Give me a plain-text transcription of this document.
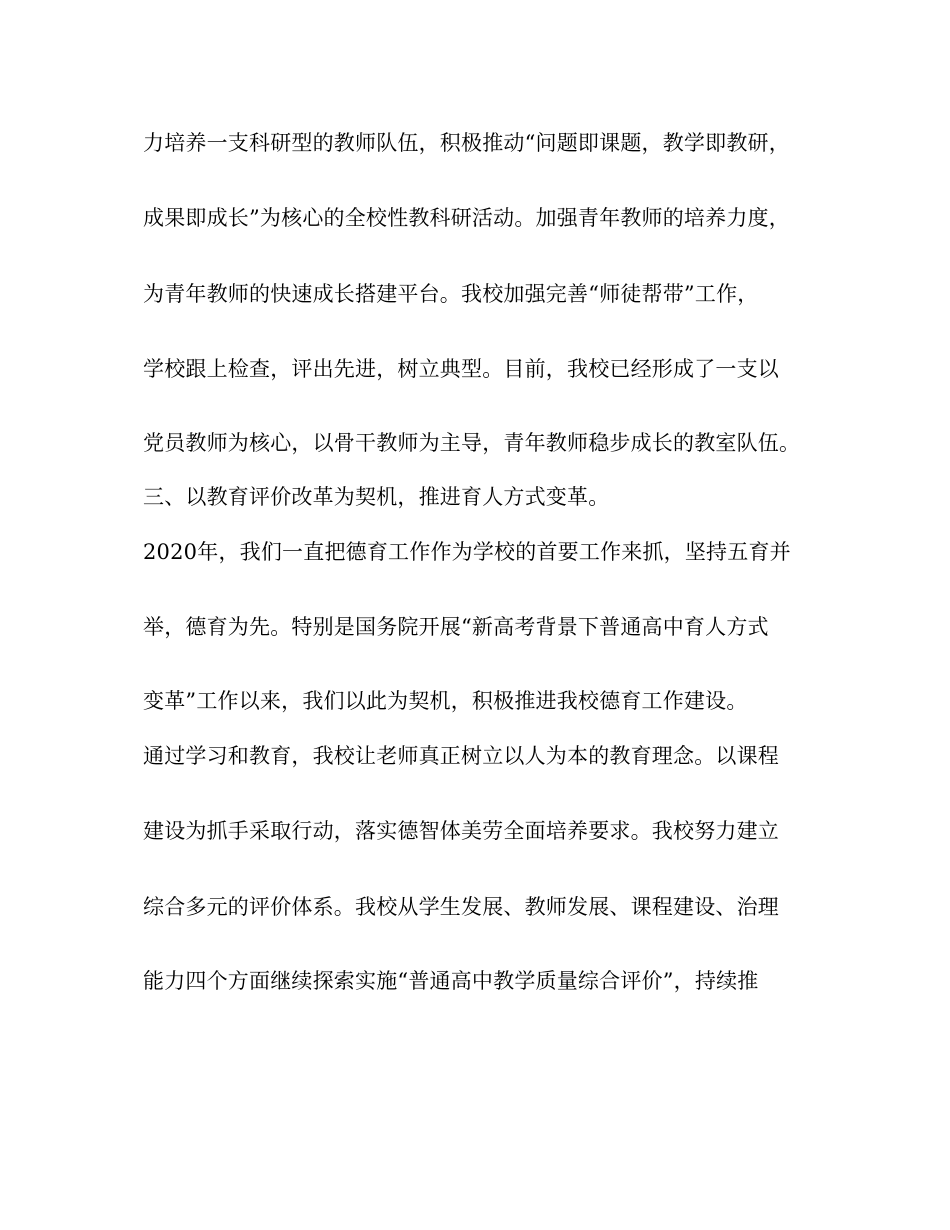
力培养一支科研型的教师队伍，积极推动“问题即课题，教学即教研，
成果即成长”为核心的全校性教科研活动。加强青年教师的培养力度，
为青年教师的快速成长搭建平台。我校加强完善“师徒帮带”工作，
学校跟上检查，评出先进，树立典型。目前，我校已经形成了一支以
党员教师为核心，以骨干教师为主导，青年教师稳步成长的教室队伍。
三、以教育评价改革为契机，推进育人方式变革。
2020年，我们一直把德育工作作为学校的首要工作来抓，坚持五育并
举，德育为先。特别是国务院开展“新高考背景下普通高中育人方式
变革”工作以来，我们以此为契机，积极推进我校德育工作建设。
通过学习和教育，我校让老师真正树立以人为本的教育理念。以课程
建设为抓手采取行动，落实德智体美劳全面培养要求。我校努力建立
综合多元的评价体系。我校从学生发展、教师发展、课程建设、治理
能力四个方面继续探索实施“普通高中教学质量综合评价”，持续推
